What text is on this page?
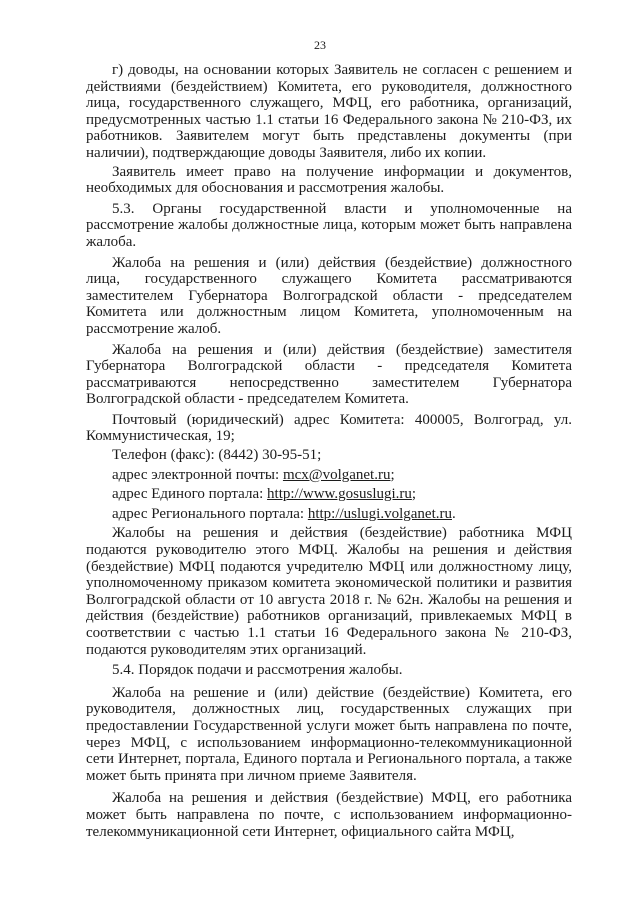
23

г) доводы, на основании которых Заявитель не согласен с решением и действиями (бездействием) Комитета, его руководителя, должностного лица, государственного служащего, МФЦ, его работника, организаций, предусмотренных частью 1.1 статьи 16 Федерального закона № 210-ФЗ, их работников. Заявителем могут быть представлены документы (при наличии), подтверждающие доводы Заявителя, либо их копии.

Заявитель имеет право на получение информации и документов, необходимых для обоснования и рассмотрения жалобы.

5.3. Органы государственной власти и уполномоченные на рассмотрение жалобы должностные лица, которым может быть направлена жалоба.

Жалоба на решения и (или) действия (бездействие) должностного лица, государственного служащего Комитета рассматриваются заместителем Губернатора Волгоградской области - председателем Комитета или должностным лицом Комитета, уполномоченным на рассмотрение жалоб.

Жалоба на решения и (или) действия (бездействие) заместителя Губернатора Волгоградской области - председателя Комитета рассматриваются непосредственно заместителем Губернатора Волгоградской области - председателем Комитета.

Почтовый (юридический) адрес Комитета: 400005, Волгоград, ул. Коммунистическая, 19;

Телефон (факс): (8442) 30-95-51;

адрес электронной почты: mcx@volganet.ru;

адрес Единого портала: http://www.gosuslugi.ru;

адрес Регионального портала: http://uslugi.volganet.ru.

Жалобы на решения и действия (бездействие) работника МФЦ подаются руководителю этого МФЦ. Жалобы на решения и действия (бездействие) МФЦ подаются учредителю МФЦ или должностному лицу, уполномоченному приказом комитета экономической политики и развития Волгоградской области от 10 августа 2018 г. № 62н. Жалобы на решения и действия (бездействие) работников организаций, привлекаемых МФЦ в соответствии с частью 1.1 статьи 16 Федерального закона № 210-ФЗ, подаются руководителям этих организаций.

5.4. Порядок подачи и рассмотрения жалобы.

Жалоба на решение и (или) действие (бездействие) Комитета, его руководителя, должностных лиц, государственных служащих при предоставлении Государственной услуги может быть направлена по почте, через МФЦ, с использованием информационно-телекоммуникационной сети Интернет, портала, Единого портала и Регионального портала, а также может быть принята при личном приеме Заявителя.

Жалоба на решения и действия (бездействие) МФЦ, его работника может быть направлена по почте, с использованием информационно-телекоммуникационной сети Интернет, официального сайта МФЦ,
